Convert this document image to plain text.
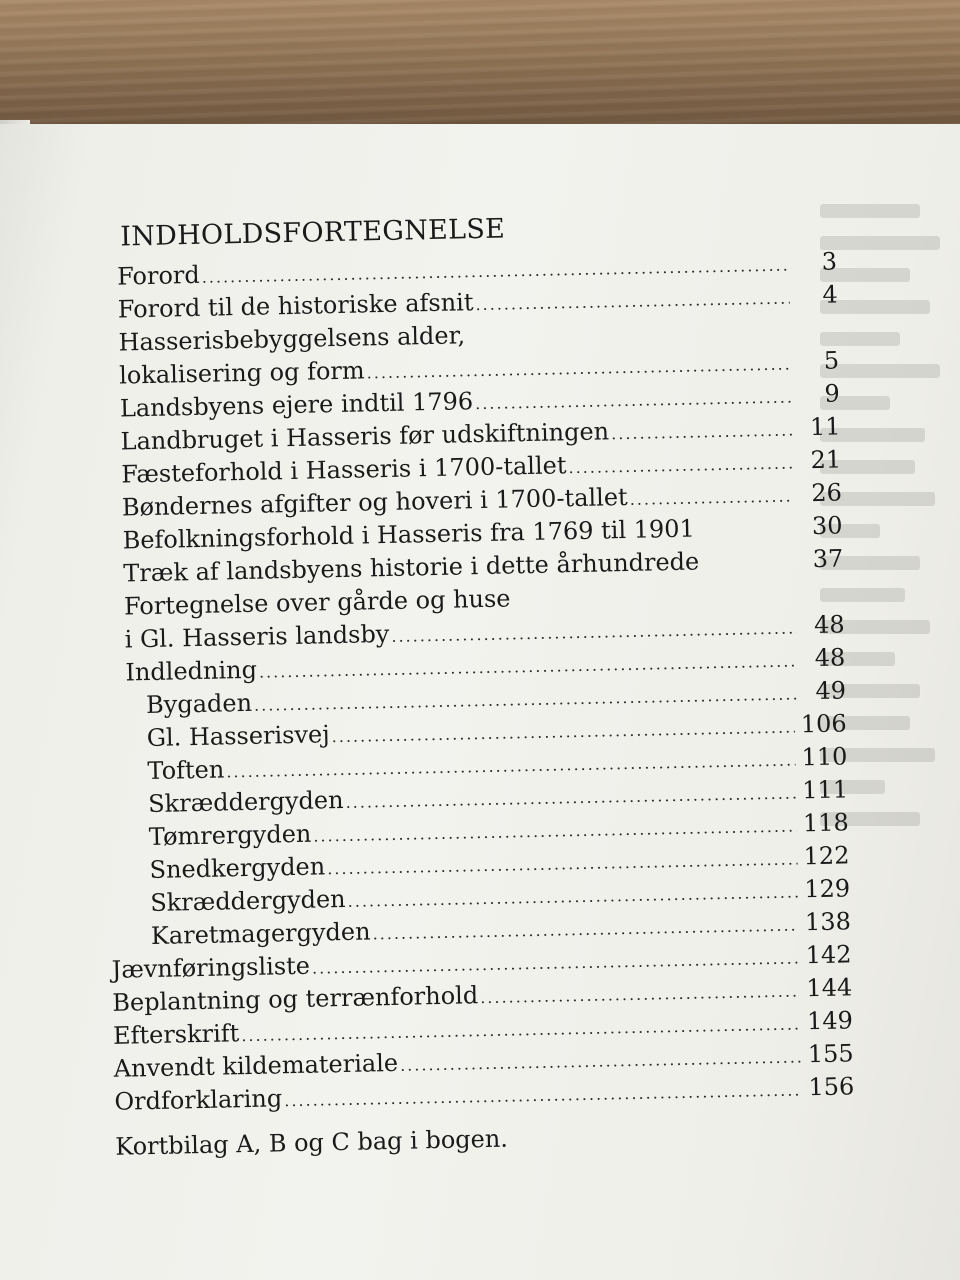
INDHOLDSFORTEGNELSE
Forord .....	3
Forord til de historiske afsnit .....	4
Hasserisbebyggelsens alder,
lokalisering og form .....	5
Landsbyens ejere indtil 1796 .....	9
Landbruget i Hasseris før udskiftningen .....	11
Fæsteforhold i Hasseris i 1700-tallet .....	21
Bøndernes afgifter og hoveri i 1700-tallet .....	26
Befolkningsforhold i Hasseris fra 1769 til 1901	30
Træk af landsbyens historie i dette århundrede	37
Fortegnelse over gårde og huse
i Gl. Hasseris landsby .....	48
Indledning .....	48
Bygaden .....	49
Gl. Hasserisvej .....	106
Toften .....	110
Skræddergyden .....	111
Tømrergyden .....	118
Snedkergyden .....	122
Skræddergyden .....	129
Karetmagergyden .....	138
Jævnføringsliste .....	142
Beplantning og terrænforhold .....	144
Efterskrift .....	149
Anvendt kildemateriale .....	155
Ordforklaring .....	156
Kortbilag A, B og C bag i bogen.
